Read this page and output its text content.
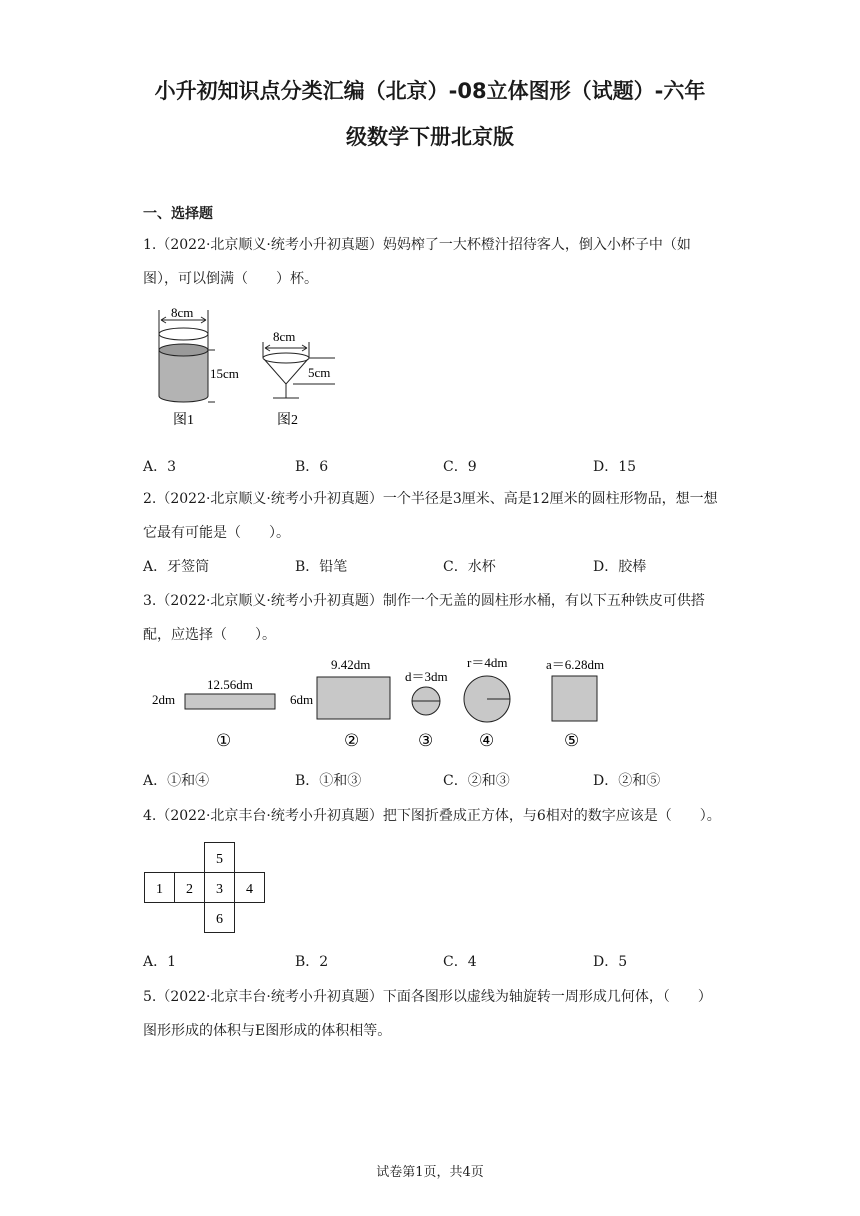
小升初知识点分类汇编（北京）-08立体图形（试题）-六年
级数学下册北京版
一、选择题
1.（2022·北京顺义·统考小升初真题）妈妈榨了一大杯橙汁招待客人，倒入小杯子中（如图），可以倒满（　　）杯。
8cm
15cm
图1
8cm
5cm
图2
A．3	B．6	C．9	D．15
2.（2022·北京顺义·统考小升初真题）一个半径是3厘米、高是12厘米的圆柱形物品，想一想它最有可能是（　　）。
A．牙签筒	B．铅笔	C．水杯	D．胶棒
3.（2022·北京顺义·统考小升初真题）制作一个无盖的圆柱形水桶，有以下五种铁皮可供搭配，应选择（　　）。
2dm
12.56dm
6dm
9.42dm
d＝3dm
r＝4dm	a＝6.28dm
①	②	③	④	⑤
A．①和④	B．①和③	C．②和③	D．②和⑤
4.（2022·北京丰台·统考小升初真题）把下图折叠成正方体，与6相对的数字应该是（　　）。
5
1 2 3 4
6
A．1	B．2	C．4	D．5
5.（2022·北京丰台·统考小升初真题）下面各图形以虚线为轴旋转一周形成几何体，（　　）图形形成的体积与E图形成的体积相等。
试卷第1页，共4页
